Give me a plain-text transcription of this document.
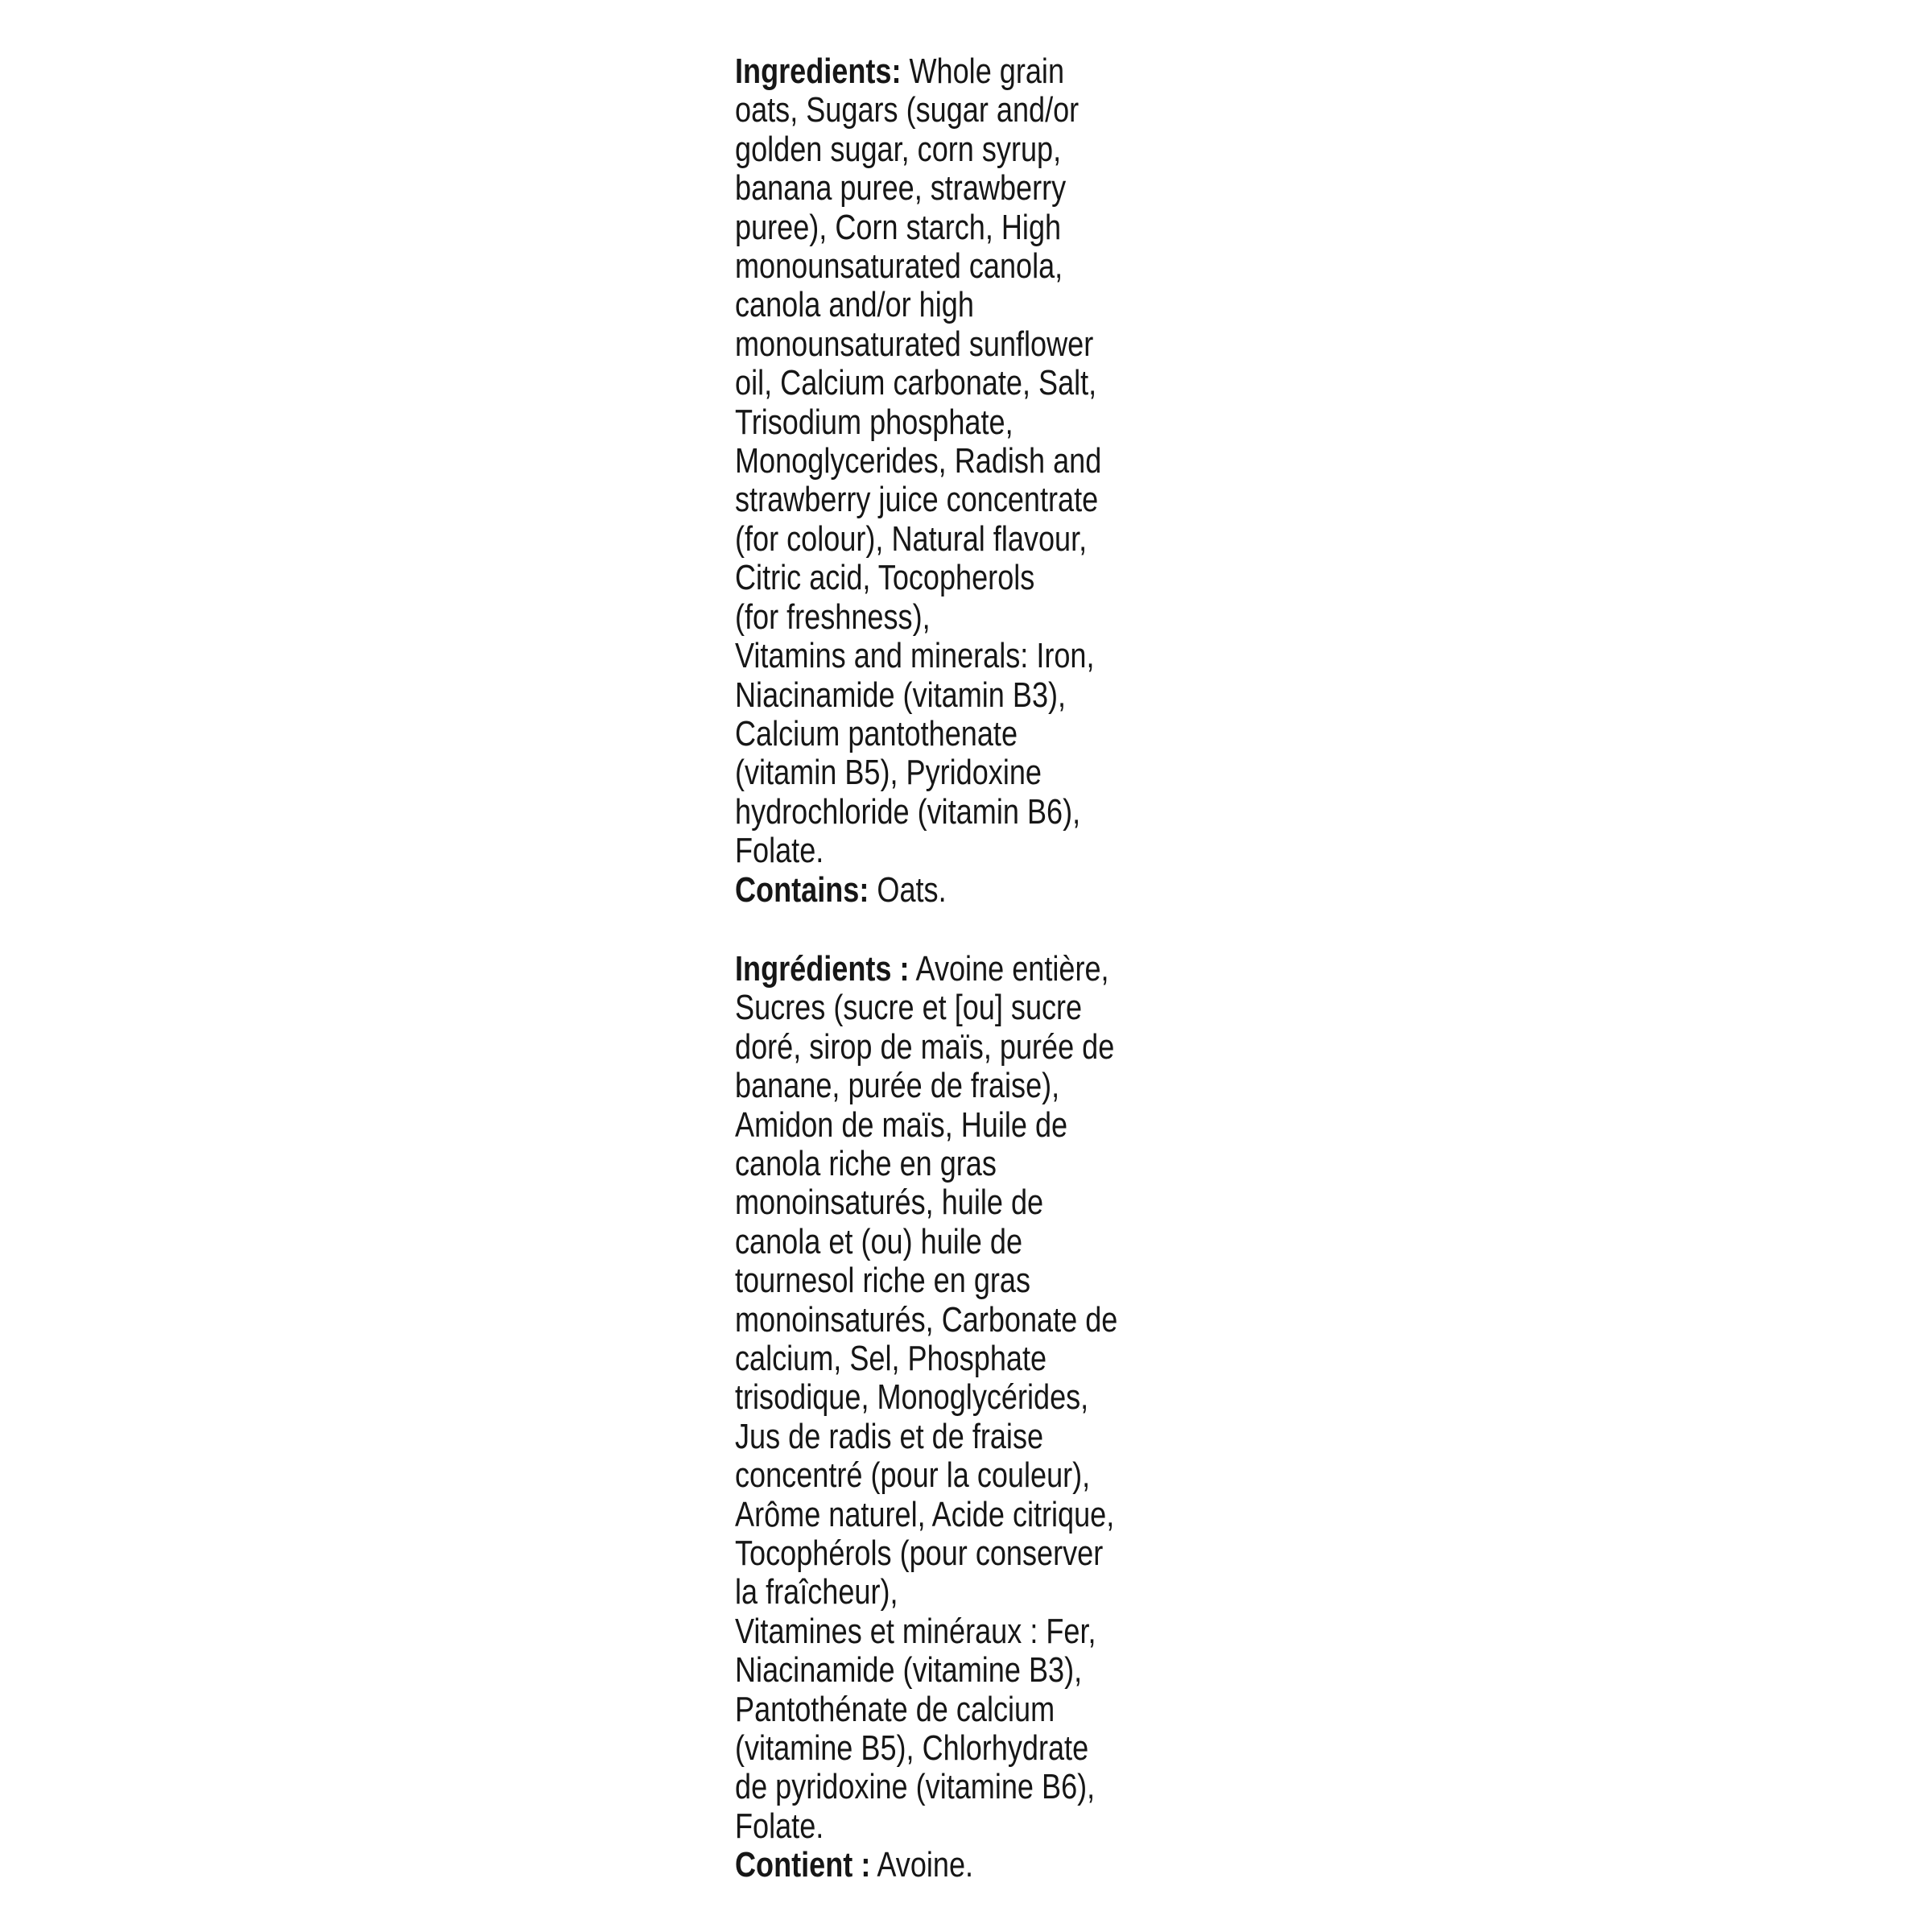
Ingredients: Whole grain
oats, Sugars (sugar and/or
golden sugar, corn syrup,
banana puree, strawberry
puree), Corn starch, High
monounsaturated canola,
canola and/or high
monounsaturated sunflower
oil, Calcium carbonate, Salt,
Trisodium phosphate,
Monoglycerides, Radish and
strawberry juice concentrate
(for colour), Natural flavour,
Citric acid, Tocopherols
(for freshness),
Vitamins and minerals: Iron,
Niacinamide (vitamin B3),
Calcium pantothenate
(vitamin B5), Pyridoxine
hydrochloride (vitamin B6),
Folate.
Contains: Oats.
Ingrédients : Avoine entière,
Sucres (sucre et [ou] sucre
doré, sirop de maïs, purée de
banane, purée de fraise),
Amidon de maïs, Huile de
canola riche en gras
monoinsaturés, huile de
canola et (ou) huile de
tournesol riche en gras
monoinsaturés, Carbonate de
calcium, Sel, Phosphate
trisodique, Monoglycérides,
Jus de radis et de fraise
concentré (pour la couleur),
Arôme naturel, Acide citrique,
Tocophérols (pour conserver
la fraîcheur),
Vitamines et minéraux : Fer,
Niacinamide (vitamine B3),
Pantothénate de calcium
(vitamine B5), Chlorhydrate
de pyridoxine (vitamine B6),
Folate.
Contient : Avoine.
